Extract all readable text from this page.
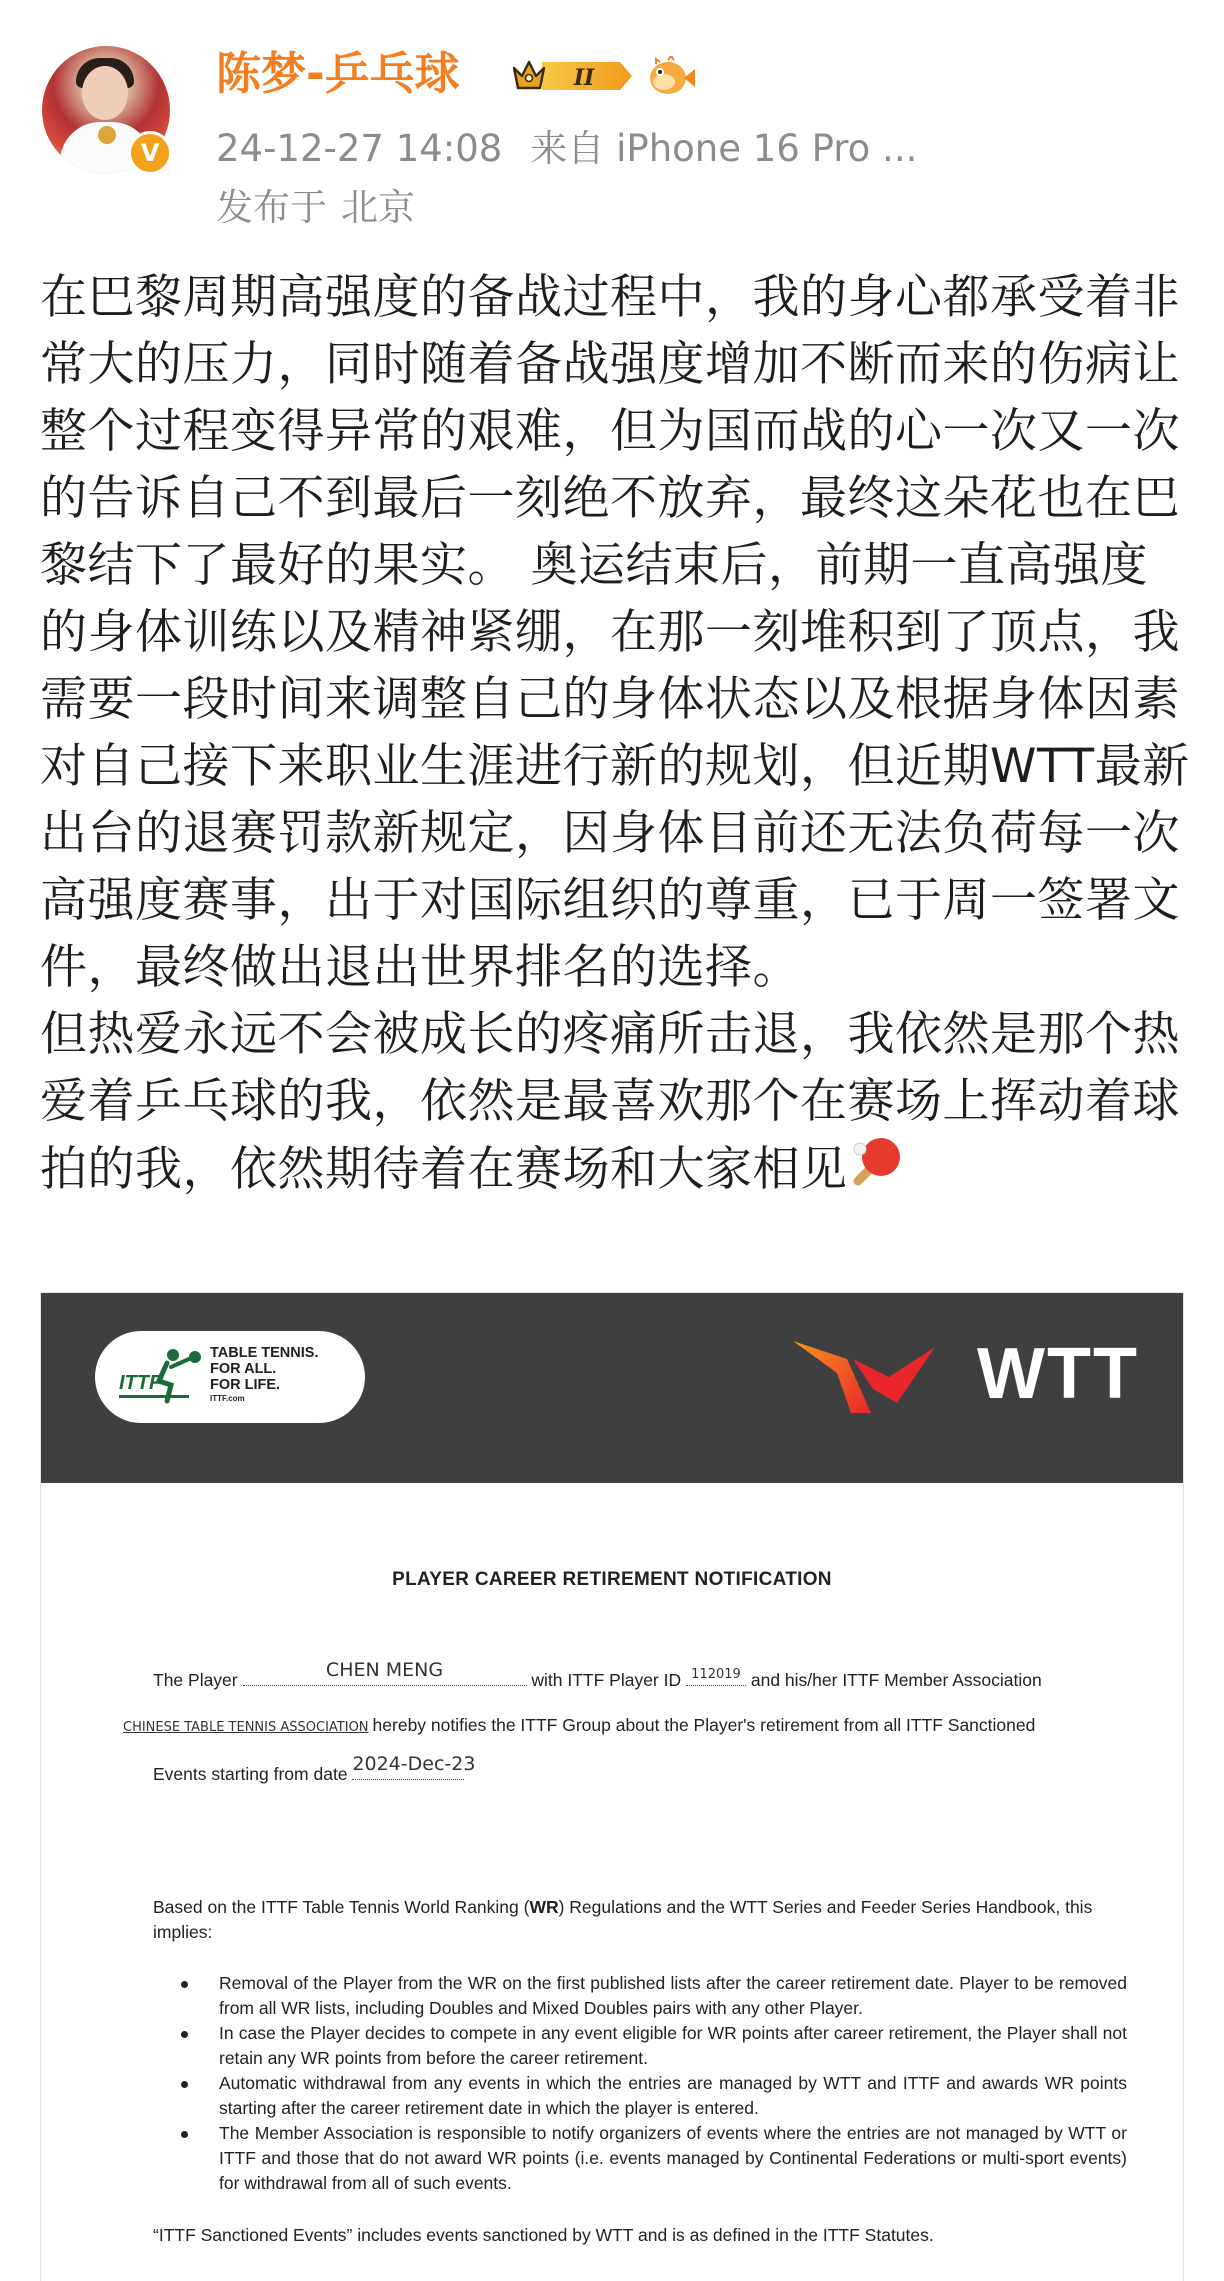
V
陈梦-乒乓球	II
24-12-27 14:08 来自 iPhone 16 Pro ...
发布于 北京

在巴黎周期高强度的备战过程中，我的身心都承受着非常大的压力，同时随着备战强度增加不断而来的伤病让整个过程变得异常的艰难，但为国而战的心一次又一次的告诉自己不到最后一刻绝不放弃，最终这朵花也在巴黎结下了最好的果实。 奥运结束后，前期一直高强度的身体训练以及精神紧绷，在那一刻堆积到了顶点，我需要一段时间来调整自己的身体状态以及根据身体因素对自己接下来职业生涯进行新的规划，但近期WTT最新出台的退赛罚款新规定，因身体目前还无法负荷每一次高强度赛事，出于对国际组织的尊重，已于周一签署文件，最终做出退出世界排名的选择。

但热爱永远不会被成长的疼痛所击退，我依然是那个热爱着乒乓球的我，依然是最喜欢那个在赛场上挥动着球拍的我，依然期待着在赛场和大家相见

ITTF
TABLE TENNIS.
FOR ALL.
FOR LIFE.
ITTF.com	WTT
PLAYER CAREER RETIREMENT NOTIFICATION
The Player	CHEN MENG	with ITTF Player ID 112019 and his/her ITTF Member Association
CHINESE TABLE TENNIS ASSOCIATION hereby notifies the ITTF Group about the Player's retirement from all ITTF Sanctioned
Events starting from date 2024-Dec-23
Based on the ITTF Table Tennis World Ranking (WR) Regulations and the WTT Series and Feeder Series Handbook, this implies:
Removal of the Player from the WR on the first published lists after the career retirement date. Player to be removed from all WR lists, including Doubles and Mixed Doubles pairs with any other Player.
In case the Player decides to compete in any event eligible for WR points after career retirement, the Player shall not retain any WR points from before the career retirement.
Automatic withdrawal from any events in which the entries are managed by WTT and ITTF and awards WR points starting after the career retirement date in which the player is entered.
The Member Association is responsible to notify organizers of events where the entries are not managed by WTT or ITTF and those that do not award WR points (i.e. events managed by Continental Federations or multi-sport events) for withdrawal from all of such events.
“ITTF Sanctioned Events” includes events sanctioned by WTT and is as defined in the ITTF Statutes.
